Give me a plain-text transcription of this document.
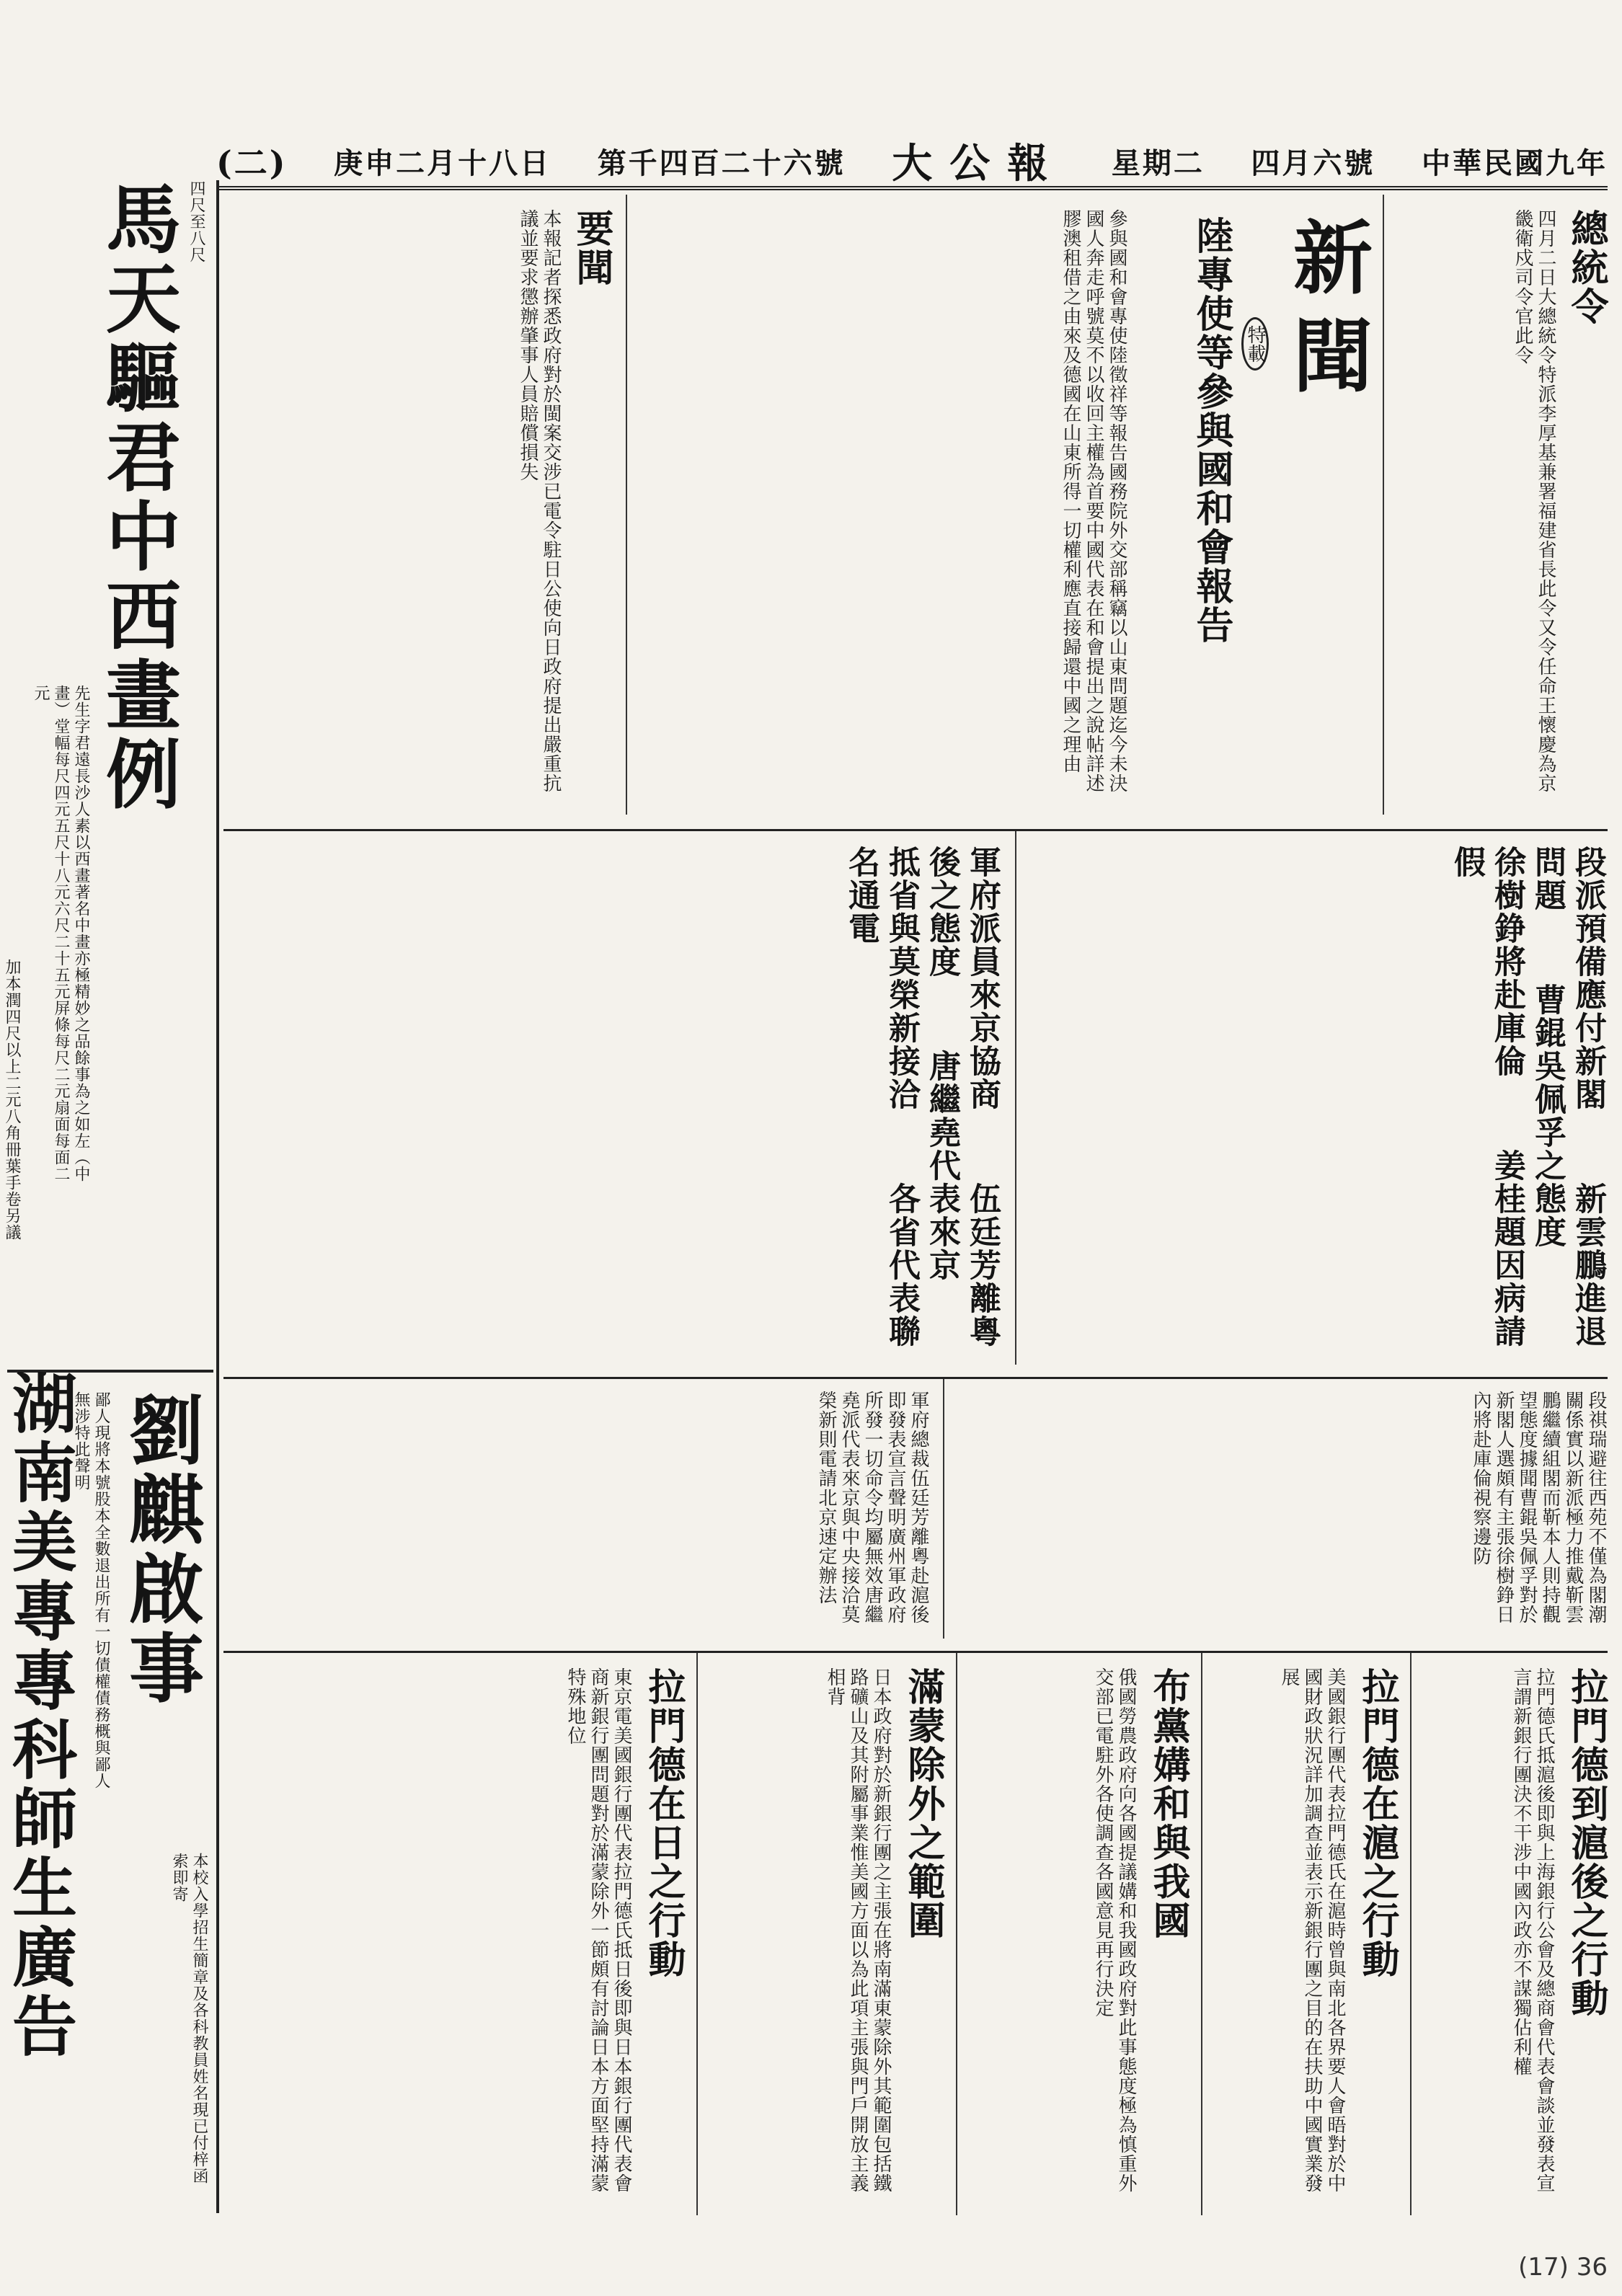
中華民國九年
四月六號
星期二
大公報
第千四百二十六號
庚申二月十八日
(二)
四尺至八尺
馬天驅君中西畫例
先生字君遠長沙人素以西畫著名中畫亦極精妙之品餘事為之如左（中畫）堂幅每尺四元五尺十八元六尺二十五元屏條每尺二元扇面每面二元
加本潤四尺以上二元八角冊葉手卷另議
劉麒啟事
鄙人現將本號股本全數退出所有一切債權債務概與鄙人無涉特此聲明
湖南美專專科師生廣告	本校入學招生簡章及各科教員姓名現已付梓函索即寄
總統令
四月二日大總統令特派李厚基兼署福建省長此令又令任命王懷慶為京畿衛戍司令官此令
新聞
特載
陸專使等參與國和會報告
參與國和會專使陸徵祥等報告國務院外交部稱竊以山東問題迄今未決國人奔走呼號莫不以收回主權為首要中國代表在和會提出之說帖詳述膠澳租借之由來及德國在山東所得一切權利應直接歸還中國之理由
要聞
本報記者探悉政府對於閩案交涉已電令駐日公使向日政府提出嚴重抗議並要求懲辦肇事人員賠償損失
段派預備應付新閣　 新雲鵬進退問題　 曹錕吳佩孚之態度　 徐樹錚將赴庫倫　 姜桂題因病請假
軍府派員來京協商　 伍廷芳離粵後之態度　 唐繼堯代表來京　 抵省與莫榮新接洽　 各省代表聯名通電
段祺瑞避往西苑不僅為閣潮關係實以新派極力推戴靳雲鵬繼續組閣而靳本人則持觀望態度據聞曹錕吳佩孚對於新閣人選頗有主張徐樹錚日內將赴庫倫視察邊防
軍府總裁伍廷芳離粵赴滬後即發表宣言聲明廣州軍政府所發一切命令均屬無效唐繼堯派代表來京與中央接洽莫榮新則電請北京速定辦法
拉門德到滬後之行動
拉門德氏抵滬後即與上海銀行公會及總商會代表會談並發表宣言謂新銀行團決不干涉中國內政亦不謀獨佔利權
拉門德在滬之行動
美國銀行團代表拉門德氏在滬時曾與南北各界要人會晤對於中國財政狀況詳加調查並表示新銀行團之目的在扶助中國實業發展
布黨媾和與我國
俄國勞農政府向各國提議媾和我國政府對此事態度極為慎重外交部已電駐外各使調查各國意見再行決定
滿蒙除外之範圍
日本政府對於新銀行團之主張在將南滿東蒙除外其範圍包括鐵路礦山及其附屬事業惟美國方面以為此項主張與門戶開放主義相背
拉門德在日之行動
東京電美國銀行團代表拉門德氏抵日後即與日本銀行團代表會商新銀行團問題對於滿蒙除外一節頗有討論日本方面堅持滿蒙特殊地位
(17) 36
